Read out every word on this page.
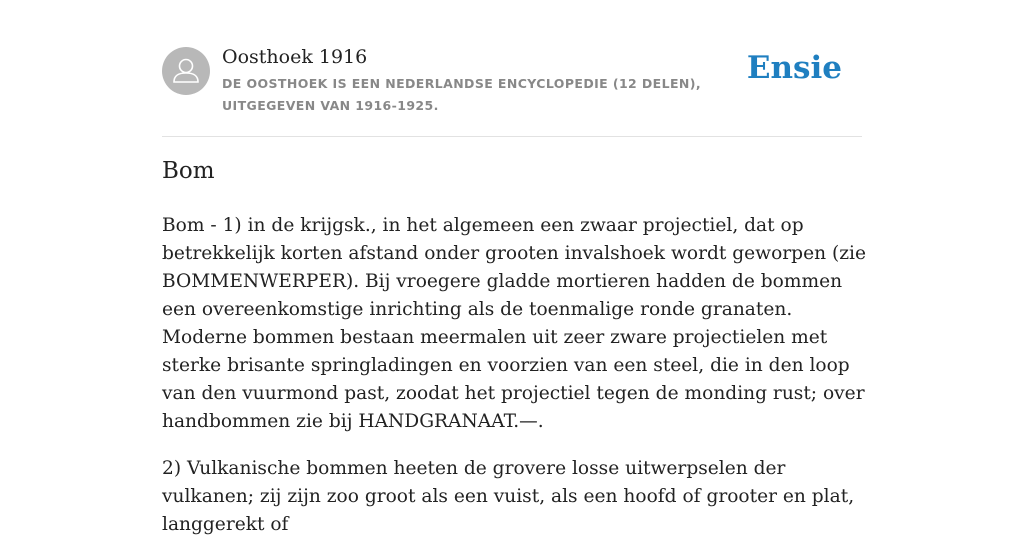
Oosthoek 1916
DE OOSTHOEK IS EEN NEDERLANDSE ENCYCLOPEDIE (12 DELEN), UITGEGEVEN VAN 1916-1925.
Ensie
Bom

Bom - 1) in de krijgsk., in het algemeen een zwaar projectiel, dat op betrekkelijk korten afstand onder grooten invalshoek wordt geworpen (zie BOMMENWERPER). Bij vroegere gladde mortieren hadden de bommen een overeenkomstige inrichting als de toenmalige ronde granaten. Moderne bommen bestaan meermalen uit zeer zware projectielen met sterke brisante springladingen en voorzien van een steel, die in den loop van den vuurmond past, zoodat het projectiel tegen de monding rust; over handbommen zie bij HANDGRANAAT.—.

2) Vulkanische bommen heeten de grovere losse uitwerpselen der vulkanen; zij zijn zoo groot als een vuist, als een hoofd of grooter en plat, langgerekt of
